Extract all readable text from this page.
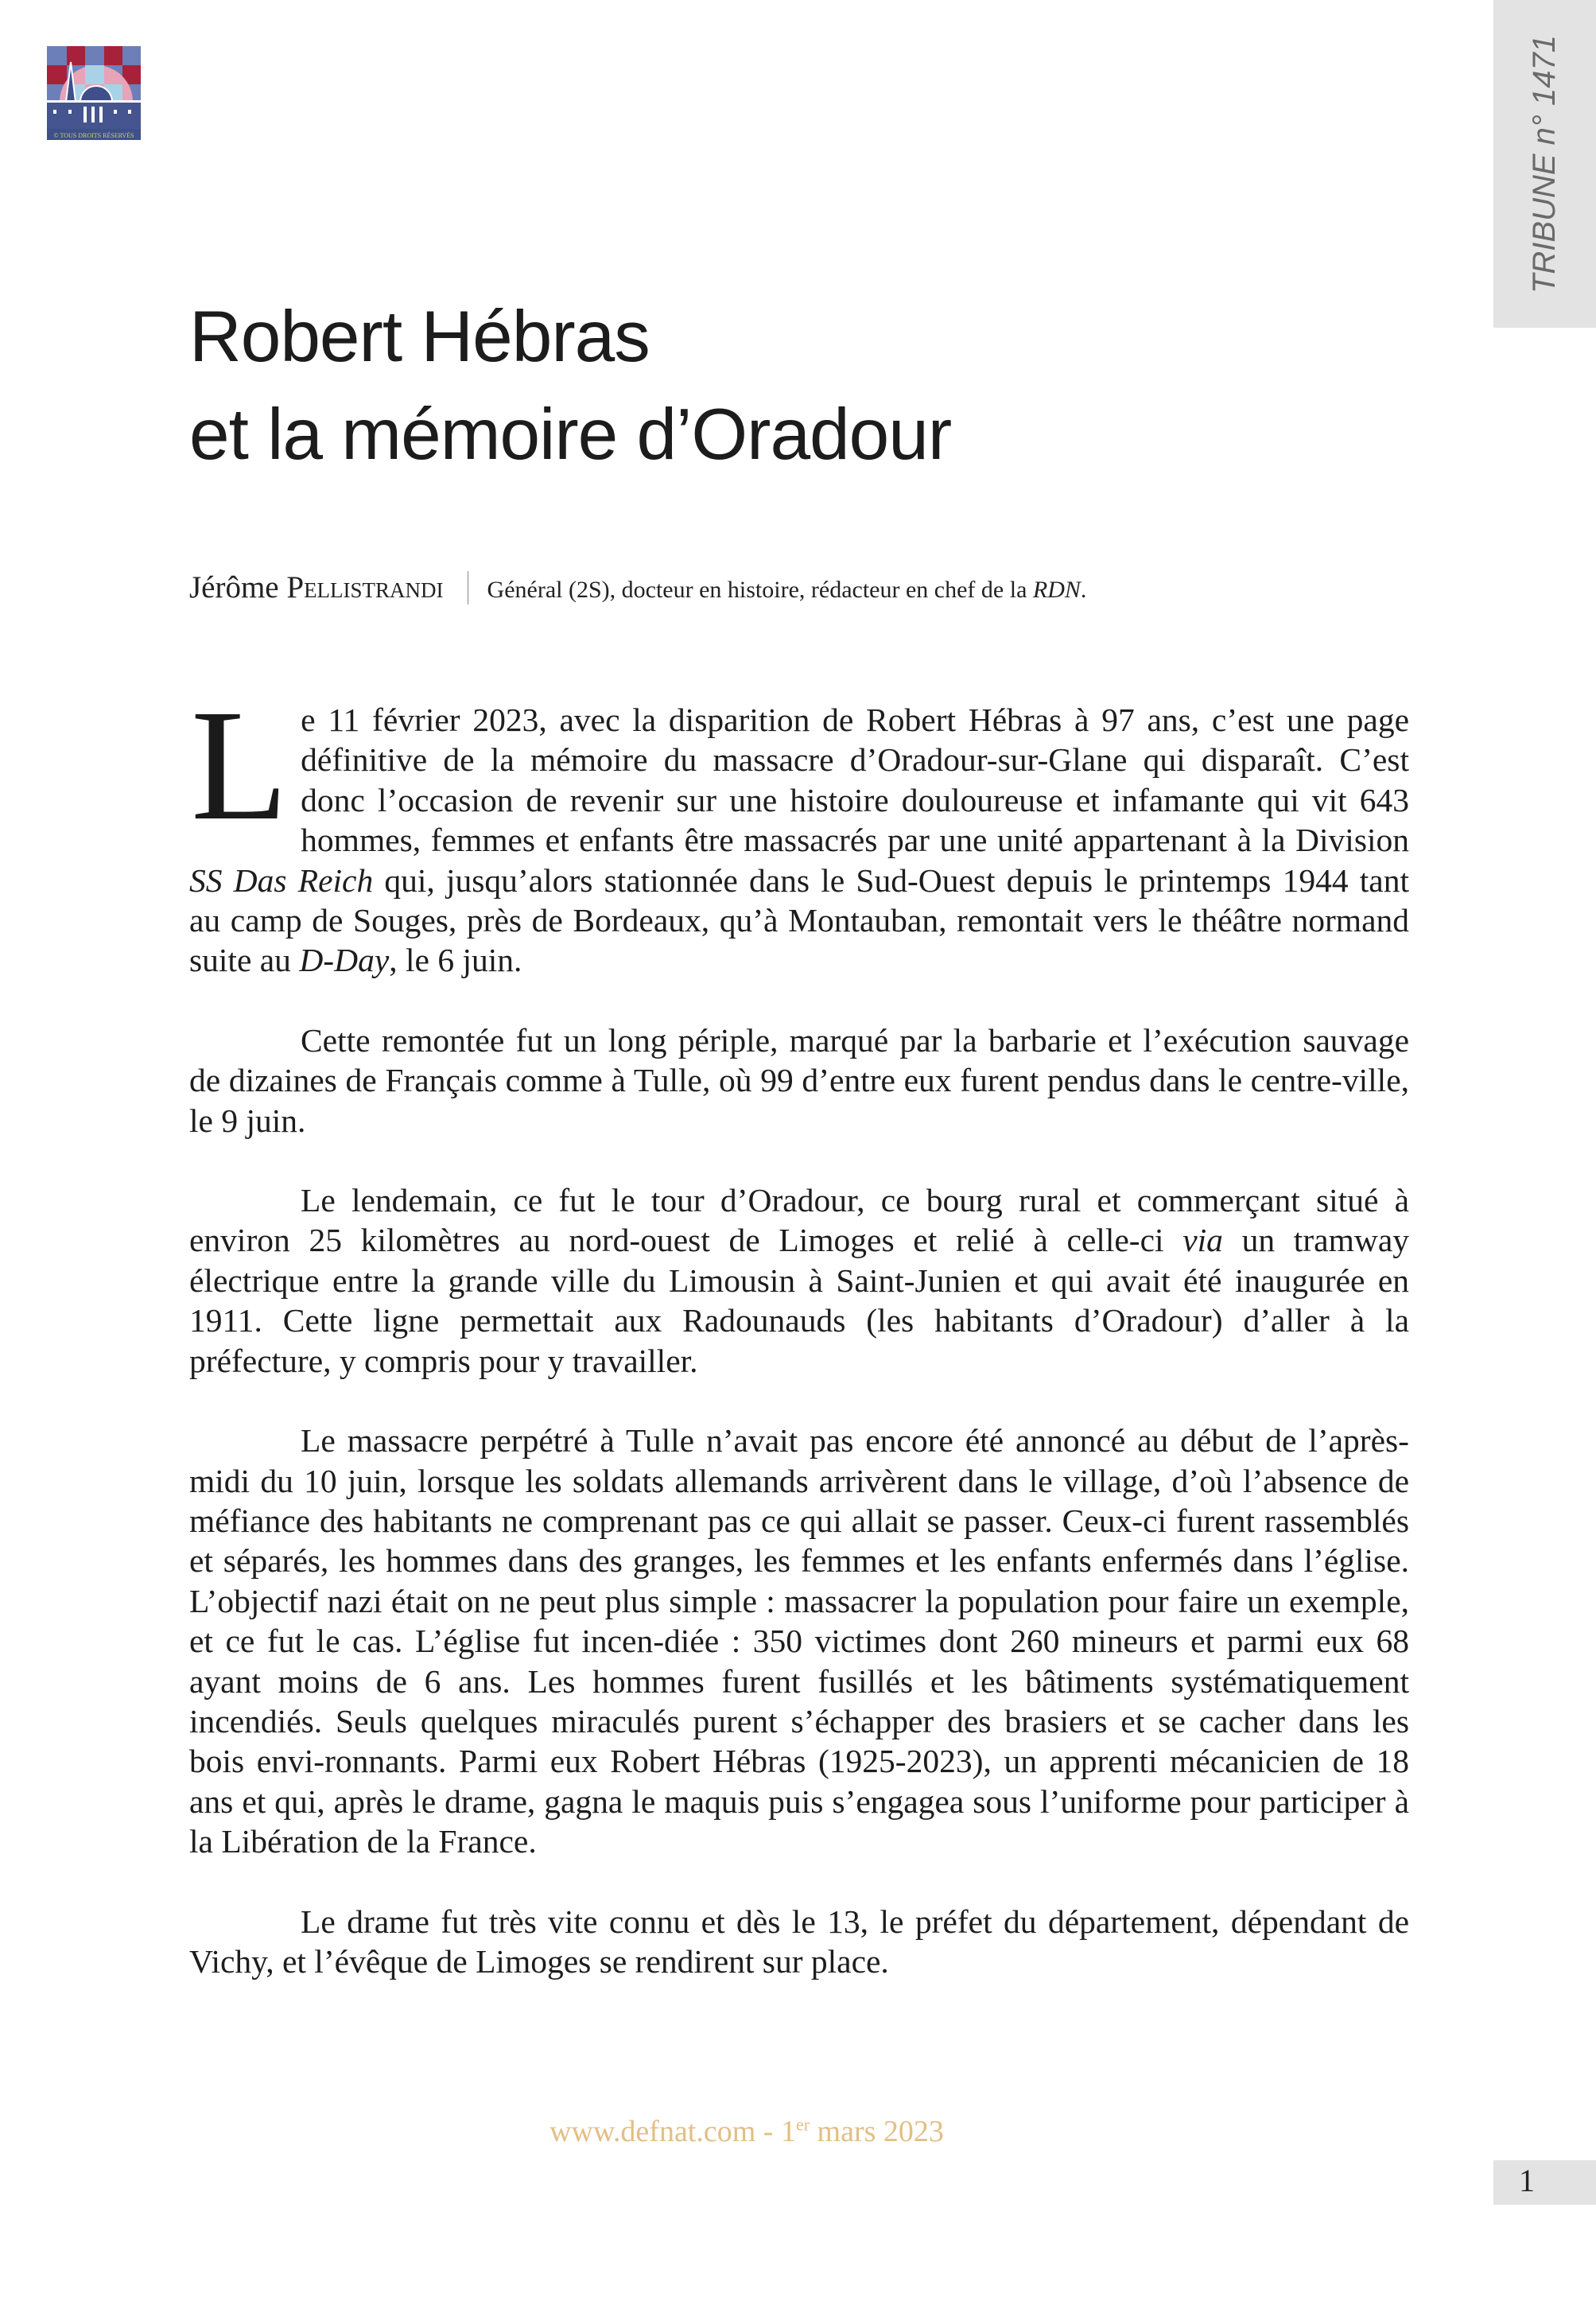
© TOUS DROITS RÉSERVÉS	TRIBUNE n° 1471
Robert Hébras
et la mémoire d’Oradour
Jérôme Pellistrandi Général (2S), docteur en histoire, rédacteur en chef de la RDN.

Le 11 février 2023, avec la disparition de Robert Hébras à 97 ans, c’est une page définitive de la mémoire du massacre d’Oradour-sur-Glane qui disparaît. C’est donc l’occasion de revenir sur une histoire douloureuse et infamante qui vit 643 hommes, femmes et enfants être massacrés par une unité appartenant à la Division SS Das Reich qui, jusqu’alors stationnée dans le Sud-Ouest depuis le printemps 1944 tant au camp de Souges, près de Bordeaux, qu’à Montauban, remontait vers le théâtre normand suite au D-Day, le 6 juin.

Cette remontée fut un long périple, marqué par la barbarie et l’exécution sauvage de dizaines de Français comme à Tulle, où 99 d’entre eux furent pendus dans le centre-ville, le 9 juin.

Le lendemain, ce fut le tour d’Oradour, ce bourg rural et commerçant situé à environ 25 kilomètres au nord-ouest de Limoges et relié à celle-ci via un tramway électrique entre la grande ville du Limousin à Saint-Junien et qui avait été inaugurée en 1911. Cette ligne permettait aux Radounauds (les habitants d’Oradour) d’aller à la préfecture, y compris pour y travailler.

Le massacre perpétré à Tulle n’avait pas encore été annoncé au début de l’après-midi du 10 juin, lorsque les soldats allemands arrivèrent dans le village, d’où l’absence de méfiance des habitants ne comprenant pas ce qui allait se passer. Ceux-ci furent rassemblés et séparés, les hommes dans des granges, les femmes et les enfants enfermés dans l’église. L’objectif nazi était on ne peut plus simple : massacrer la population pour faire un exemple, et ce fut le cas. L’église fut incen-diée : 350 victimes dont 260 mineurs et parmi eux 68 ayant moins de 6 ans. Les hommes furent fusillés et les bâtiments systématiquement incendiés. Seuls quelques miraculés purent s’échapper des brasiers et se cacher dans les bois envi-ronnants. Parmi eux Robert Hébras (1925-2023), un apprenti mécanicien de 18 ans et qui, après le drame, gagna le maquis puis s’engagea sous l’uniforme pour participer à la Libération de la France.

Le drame fut très vite connu et dès le 13, le préfet du département, dépendant de Vichy, et l’évêque de Limoges se rendirent sur place.

www.defnat.com - 1er mars 2023
1
